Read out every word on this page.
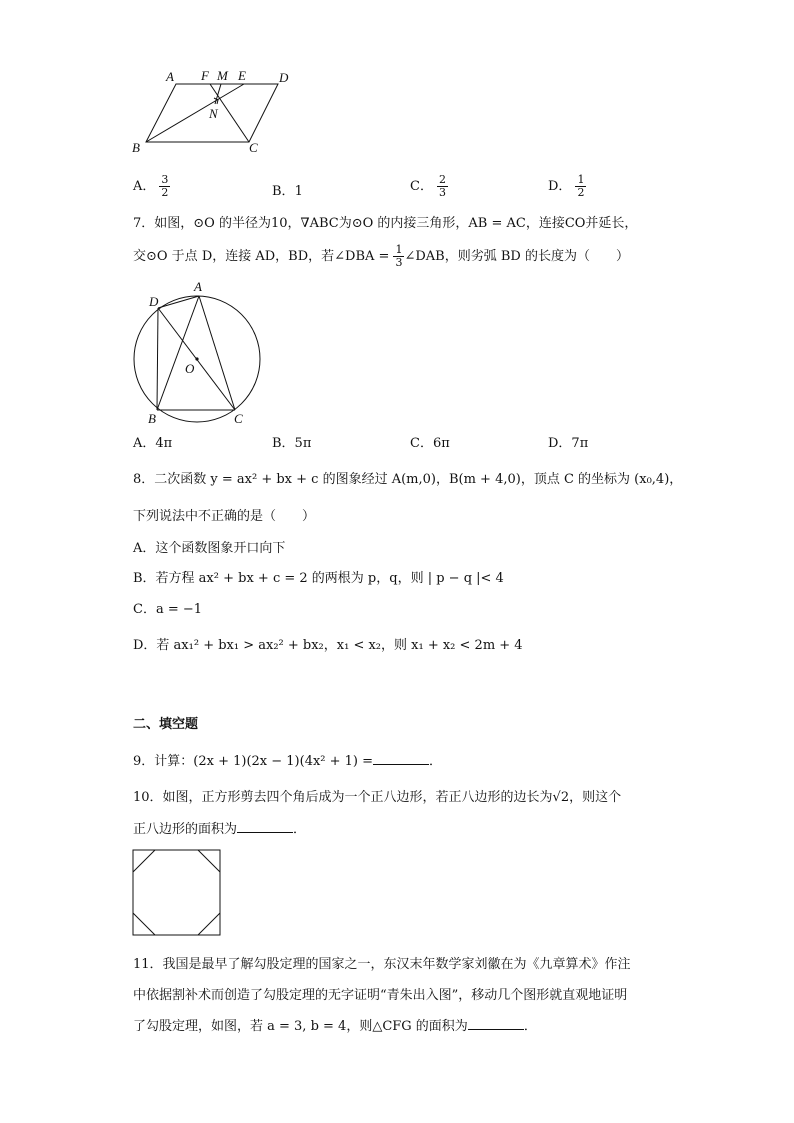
A F M E	D
N
B	C
A． $\frac{3}{2}$	B．1	C． $\frac{2}{3}$	D． $\frac{1}{2}$
7．如图，⊙O 的半径为10，∇ABC为⊙O 的内接三角形，AB = AC，连接CO并延长，
交⊙O 于点 D，连接 AD，BD，若∠DBA = $\frac{1}{3}$ ∠DAB，则劣弧 BD 的长度为（　　）
D
A
O
B	C
A．4π	B．5π	C．6π	D．7π
8．二次函数 y = ax² + bx + c 的图象经过 A(m,0)，B(m + 4,0)，顶点 C 的坐标为 (x₀,4)，
下列说法中不正确的是（　　）
A．这个函数图象开口向下
B．若方程 ax² + bx + c = 2 的两根为 p，q，则 | p − q |< 4
C．a = −1
D．若 ax₁² + bx₁ > ax₂² + bx₂，x₁ < x₂，则 x₁ + x₂ < 2m + 4
二、填空题
9．计算：(2x + 1)(2x − 1)(4x² + 1) =	．
10．如图，正方形剪去四个角后成为一个正八边形，若正八边形的边长为√2，则这个
正八边形的面积为	．
11．我国是最早了解勾股定理的国家之一，东汉末年数学家刘徽在为《九章算术》作注
中依据割补术而创造了勾股定理的无字证明“青朱出入图”，移动几个图形就直观地证明
了勾股定理，如图，若 a = 3, b = 4，则△CFG 的面积为	．
